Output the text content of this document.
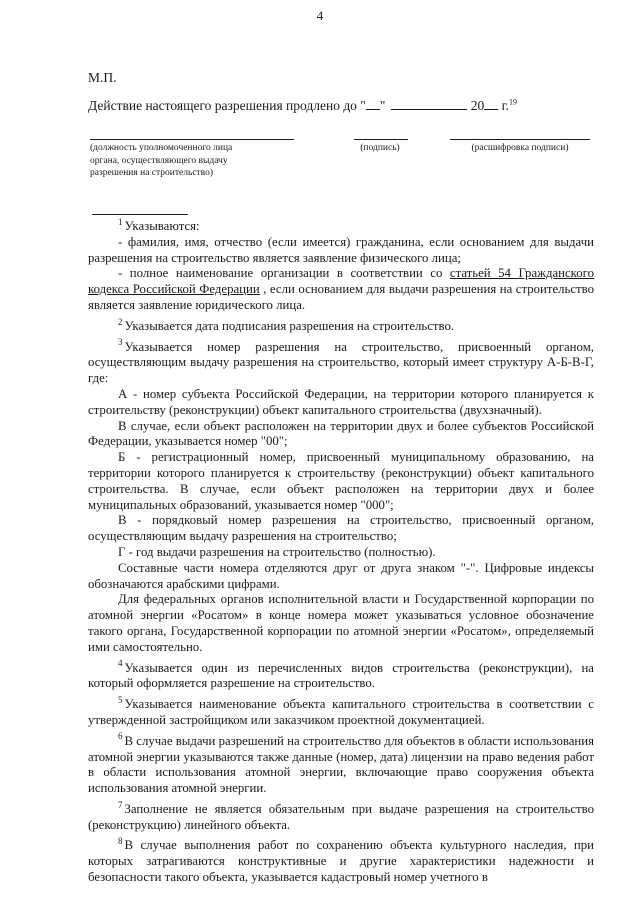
4
М.П.
Действие настоящего разрешения продлено до " "	20 г.$^{19}$
(должность уполномоченного лица органа, осуществляющего выдачу разрешения на строительство)
(подпись)	(расшифровка подписи)

$^1$ Указываются:

- фамилия, имя, отчество (если имеется) гражданина, если основанием для выдачи разрешения на строительство является заявление физического лица;

- полное наименование организации в соответствии со статьей 54 Гражданского кодекса Российской Федерации , если основанием для выдачи разрешения на строительство является заявление юридического лица.

$^2$ Указывается дата подписания разрешения на строительство.

$^3$ Указывается номер разрешения на строительство, присвоенный органом, осуществляющим выдачу разрешения на строительство, который имеет структуру А-Б-В-Г, где:

А - номер субъекта Российской Федерации, на территории которого планируется к строительству (реконструкции) объект капитального строительства (двухзначный).

В случае, если объект расположен на территории двух и более субъектов Российской Федерации, указывается номер "00";

Б - регистрационный номер, присвоенный муниципальному образованию, на территории которого планируется к строительству (реконструкции) объект капитального строительства. В случае, если объект расположен на территории двух и более муниципальных образований, указывается номер "000";

В - порядковый номер разрешения на строительство, присвоенный органом, осуществляющим выдачу разрешения на строительство;

Г - год выдачи разрешения на строительство (полностью).

Составные части номера отделяются друг от друга знаком "-". Цифровые индексы обозначаются арабскими цифрами.

Для федеральных органов исполнительной власти и Государственной корпорации по атомной энергии «Росатом» в конце номера может указываться условное обозначение такого органа, Государственной корпорации по атомной энергии «Росатом», определяемый ими самостоятельно.

$^4$ Указывается один из перечисленных видов строительства (реконструкции), на который оформляется разрешение на строительство.

$^5$ Указывается наименование объекта капитального строительства в соответствии с утвержденной застройщиком или заказчиком проектной документацией.

$^6$ В случае выдачи разрешений на строительство для объектов в области использования атомной энергии указываются также данные (номер, дата) лицензии на право ведения работ в области использования атомной энергии, включающие право сооружения объекта использования атомной энергии.

$^7$ Заполнение не является обязательным при выдаче разрешения на строительство (реконструкцию) линейного объекта.

$^8$ В случае выполнения работ по сохранению объекта культурного наследия, при которых затрагиваются конструктивные и другие характеристики надежности и безопасности такого объекта, указывается кадастровый номер учетного в
